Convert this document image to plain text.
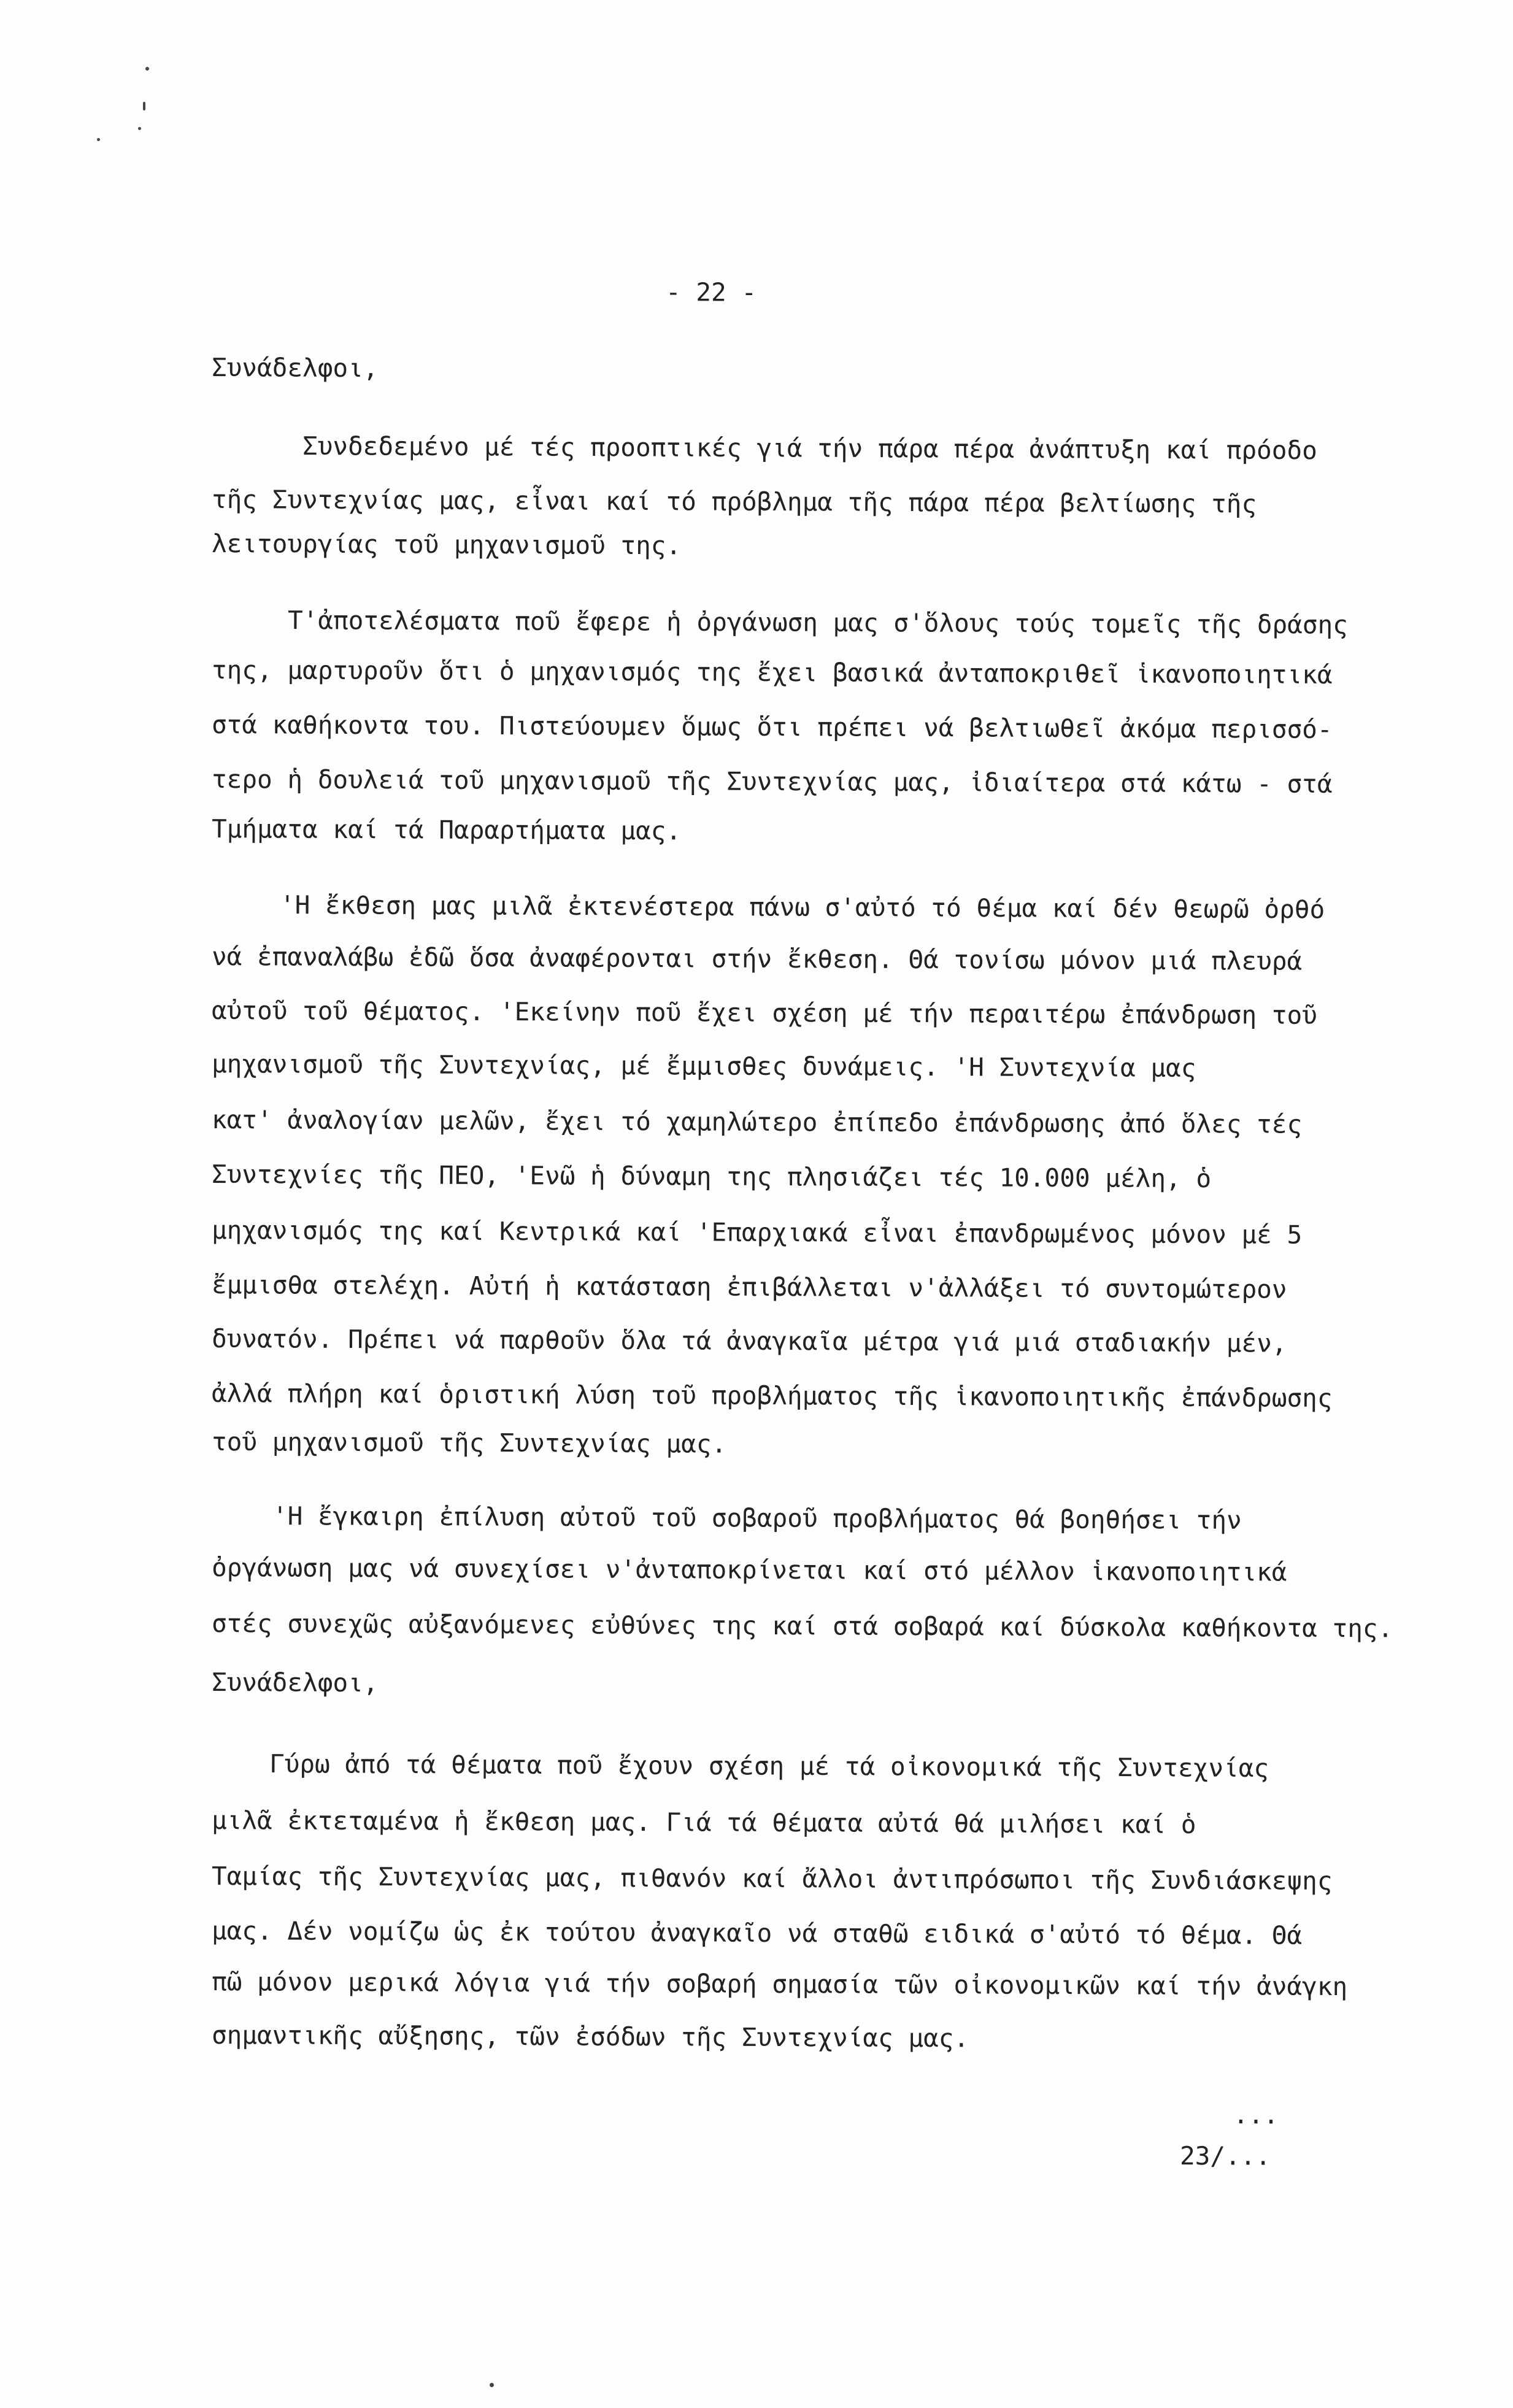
- 22 -
Συνάδελφοι,
Συνδεδεμένο μέ τές προοπτικές γιά τήν πάρα πέρα ἀνάπτυξη καί πρόοδο
τῆς Συντεχνίας μας, εἶναι καί τό πρόβλημα τῆς πάρα πέρα βελτίωσης τῆς
λειτουργίας τοῦ μηχανισμοῦ της.
Τ'ἀποτελέσματα ποῦ ἔφερε ἡ ὀργάνωση μας σ'ὅλους τούς τομεῖς τῆς δράσης
της, μαρτυροῦν ὅτι ὁ μηχανισμός της ἔχει βασικά ἀνταποκριθεῖ ἱκανοποιητικά
στά καθήκοντα του. Πιστεύουμεν ὅμως ὅτι πρέπει νά βελτιωθεῖ ἀκόμα περισσό-
τερο ἡ δουλειά τοῦ μηχανισμοῦ τῆς Συντεχνίας μας, ἰδιαίτερα στά κάτω - στά
Τμήματα καί τά Παραρτήματα μας.
'Η ἔκθεση μας μιλᾶ ἐκτενέστερα πάνω σ'αὐτό τό θέμα καί δέν θεωρῶ ὀρθό
νά ἐπαναλάβω ἐδῶ ὅσα ἀναφέρονται στήν ἔκθεση. Θά τονίσω μόνον μιά πλευρά
αὐτοῦ τοῦ θέματος. 'Εκείνην ποῦ ἔχει σχέση μέ τήν περαιτέρω ἐπάνδρωση τοῦ
μηχανισμοῦ τῆς Συντεχνίας, μέ ἔμμισθες δυνάμεις. 'Η Συντεχνία μας
κατ' ἀναλογίαν μελῶν, ἔχει τό χαμηλώτερο ἐπίπεδο ἐπάνδρωσης ἀπό ὅλες τές
Συντεχνίες τῆς ΠΕΟ, 'Ενῶ ἡ δύναμη της πλησιάζει τές 10.000 μέλη, ὁ
μηχανισμός της καί Κεντρικά καί 'Επαρχιακά εἶναι ἐπανδρωμένος μόνον μέ 5
ἔμμισθα στελέχη. Αὐτή ἡ κατάσταση ἐπιβάλλεται ν'ἀλλάξει τό συντομώτερον
δυνατόν. Πρέπει νά παρθοῦν ὅλα τά ἀναγκαῖα μέτρα γιά μιά σταδιακήν μέν,
ἀλλά πλήρη καί ὁριστική λύση τοῦ προβλήματος τῆς ἱκανοποιητικῆς ἐπάνδρωσης
τοῦ μηχανισμοῦ τῆς Συντεχνίας μας.
'Η ἔγκαιρη ἐπίλυση αὐτοῦ τοῦ σοβαροῦ προβλήματος θά βοηθήσει τήν
ὀργάνωση μας νά συνεχίσει ν'ἀνταποκρίνεται καί στό μέλλον ἱκανοποιητικά
στές συνεχῶς αὐξανόμενες εὐθύνες της καί στά σοβαρά καί δύσκολα καθήκοντα της.
Συνάδελφοι,
Γύρω ἀπό τά θέματα ποῦ ἔχουν σχέση μέ τά οἰκονομικά τῆς Συντεχνίας
μιλᾶ ἐκτεταμένα ἡ ἔκθεση μας. Γιά τά θέματα αὐτά θά μιλήσει καί ὁ
Ταμίας τῆς Συντεχνίας μας, πιθανόν καί ἄλλοι ἀντιπρόσωποι τῆς Συνδιάσκεψης
μας. Δέν νομίζω ὡς ἐκ τούτου ἀναγκαῖο νά σταθῶ ειδικά σ'αὐτό τό θέμα. Θά
πῶ μόνον μερικά λόγια γιά τήν σοβαρή σημασία τῶν οἰκονομικῶν καί τήν ἀνάγκη
σημαντικῆς αὔξησης, τῶν ἐσόδων τῆς Συντεχνίας μας.
...
23/...
